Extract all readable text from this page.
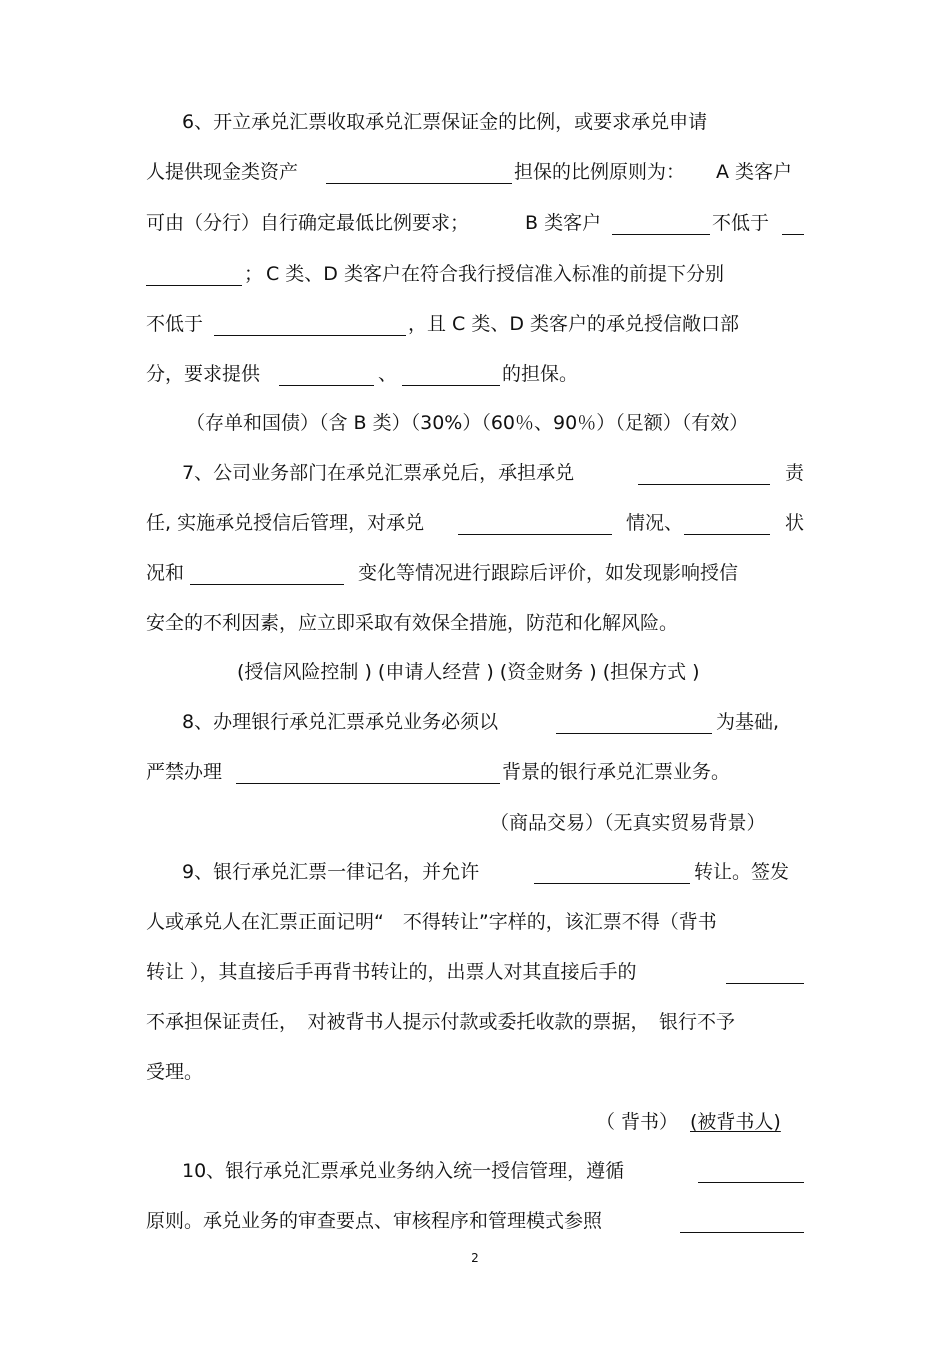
6、开立承兑汇票收取承兑汇票保证金的比例，或要求承兑申请
人提供现金类资产	担保的比例原则为： A 类客户
可由（分行）自行确定最低比例要求；	B 类客户	不低于
； C 类、D 类客户在符合我行授信准入标准的前提下分别
不低于	，且 C 类、D 类客户的承兑授信敞口部
分，要求提供	、	的担保。
（存单和国债）（含 B 类）（30%）（60％、90％）（足额）（有效）
7、公司业务部门在承兑汇票承兑后，承担承兑	责
任, 实施承兑授信后管理，对承兑	情况、	状
况和	变化等情况进行跟踪后评价，如发现影响授信
安全的不利因素，应立即采取有效保全措施，防范和化解风险。
(授信风险控制 ) (申请人经营 ) (资金财务 ) (担保方式 )
8、办理银行承兑汇票承兑业务必须以	为基础,
严禁办理	背景的银行承兑汇票业务。
（商品交易）（无真实贸易背景）
9、银行承兑汇票一律记名，并允许	转让。签发
人或承兑人在汇票正面记明“　不得转让”字样的，该汇票不得（背书
转让 ），其直接后手再背书转让的，出票人对其直接后手的
不承担保证责任，　对被背书人提示付款或委托收款的票据，　银行不予
受理。
（ 背书） (被背书人)
10、银行承兑汇票承兑业务纳入统一授信管理，遵循
原则。承兑业务的审查要点、审核程序和管理模式参照
2
